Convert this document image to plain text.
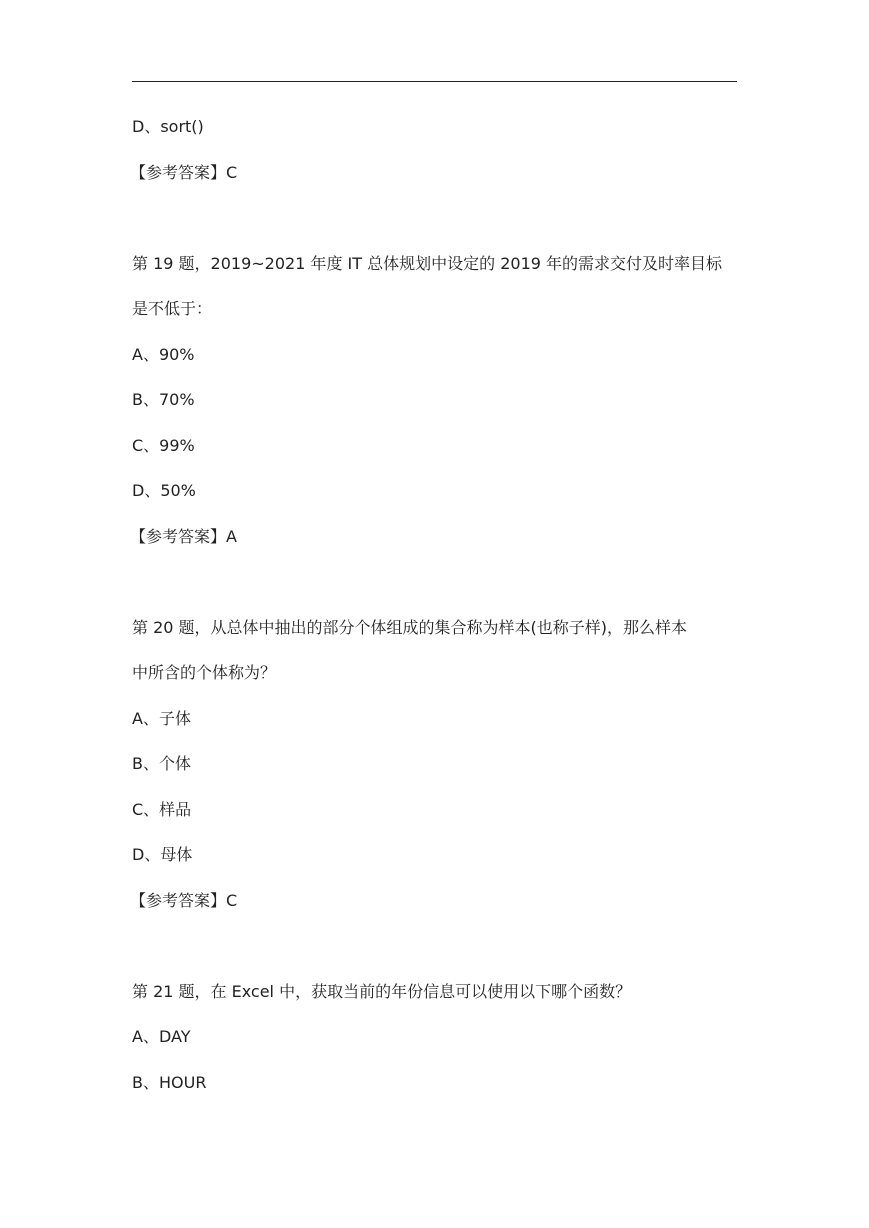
D、sort()
【参考答案】C
第 19 题，2019~2021 年度 IT 总体规划中设定的 2019 年的需求交付及时率目标
是不低于：
A、90%
B、70%
C、99%
D、50%
【参考答案】A
第 20 题，从总体中抽出的部分个体组成的集合称为样本(也称子样)，那么样本
中所含的个体称为？
A、子体
B、个体
C、样品
D、母体
【参考答案】C
第 21 题，在 Excel 中，获取当前的年份信息可以使用以下哪个函数？
A、DAY
B、HOUR
